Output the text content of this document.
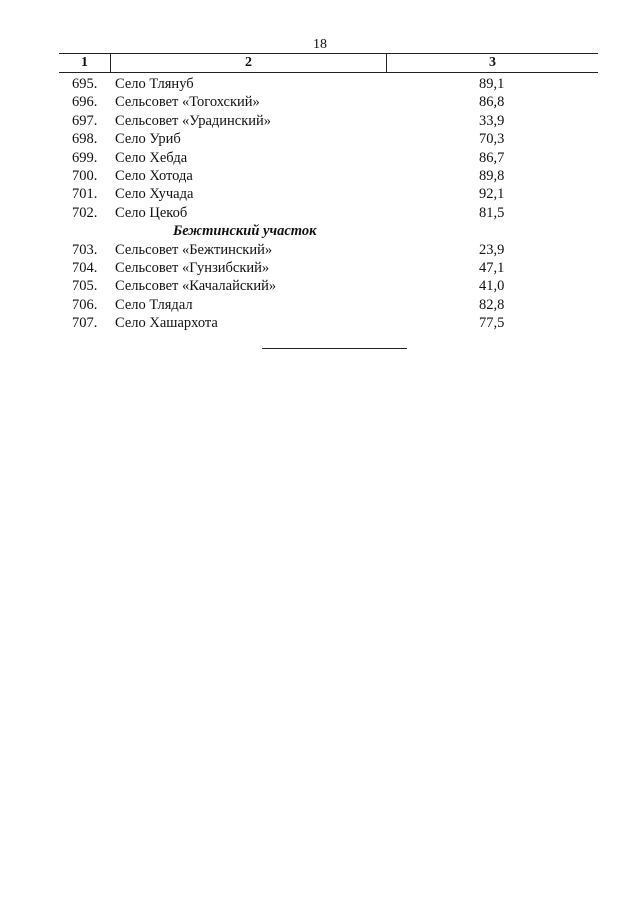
18
1	2	3
695.	Село Тлянуб	89,1
696.	Сельсовет «Тогохский»	86,8
697.	Сельсовет «Урадинский»	33,9
698.	Село Уриб	70,3
699.	Село Хебда	86,7
700.	Село Хотода	89,8
701.	Село Хучада	92,1
702.	Село Цекоб	81,5
Бежтинский участок
703.	Сельсовет «Бежтинский»	23,9
704.	Сельсовет «Гунзибский»	47,1
705.	Сельсовет «Качалайский»	41,0
706.	Село Тлядал	82,8
707.	Село Хашархота	77,5
